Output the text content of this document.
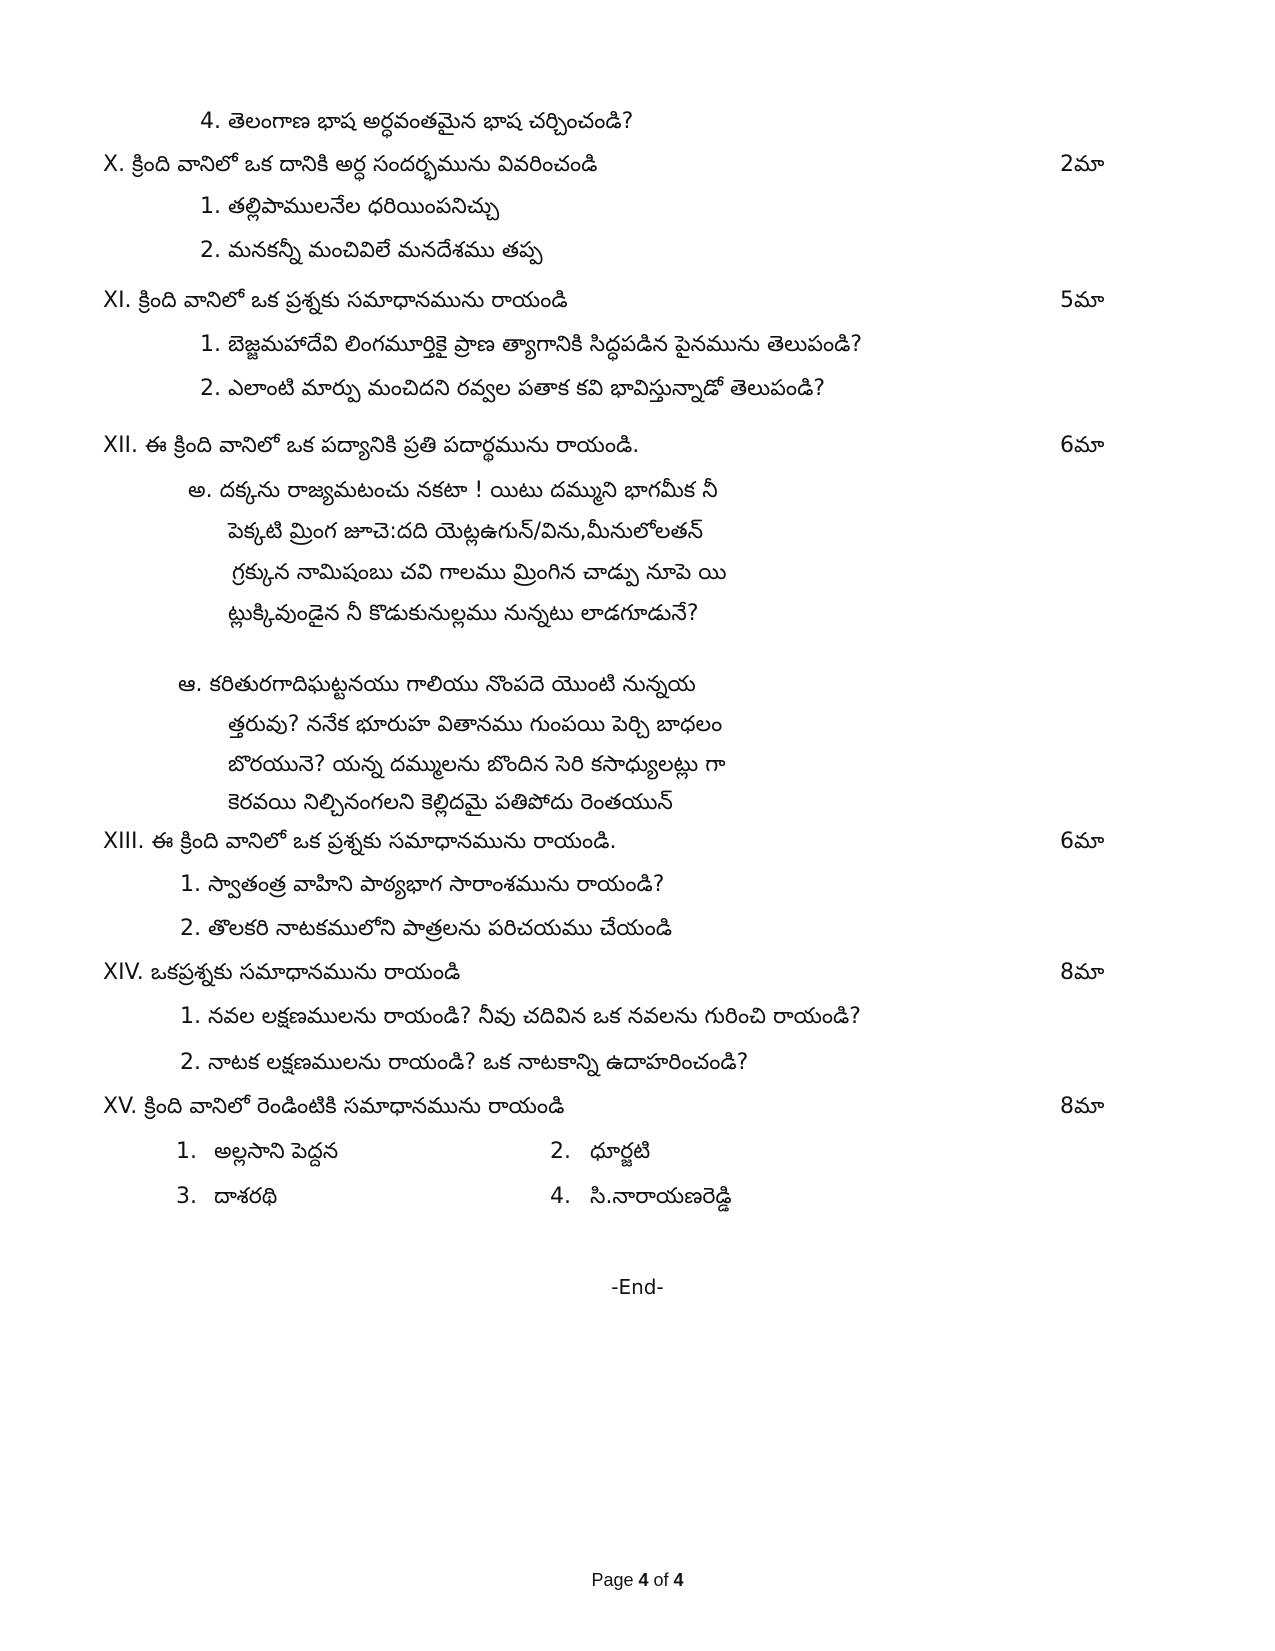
4. తెలంగాణ భాష అర్ధవంతమైన భాష చర్చించండి?
X. క్రింది వానిలో ఒక దానికి అర్ధ సందర్భమును వివరించండి	2మా
1. తల్లిపాములనేల ధరియింపనిచ్చు
2. మనకన్నీ మంచివిలే మనదేశము తప్ప
XI. క్రింది వానిలో ఒక ప్రశ్నకు సమాధానమును రాయండి	5మా
1. బెజ్జమహాదేవి లింగమూర్తికై ప్రాణ త్యాగానికి సిద్ధపడిన పైనమును తెలుపండి?
2. ఎలాంటి మార్పు మంచిదని రవ్వల పతాక కవి భావిస్తున్నాడో తెలుపండి?
XII. ఈ క్రింది వానిలో ఒక పద్యానికి ప్రతి పదార్థమును రాయండి.	6మా
అ. దక్కను రాజ్యమటంచు నకటా ! యిటు దమ్ముని భాగమీక నీ
పెక్కటి మ్రింగ జూచె:దది యెట్లఉగున్/విను,మీనులోలతన్
గ్రక్కున నామిషంబు చవి గాలము మ్రింగిన చాడ్పు నూపె యి
ట్లుక్కివుండైన నీ కొడుకునుల్లము నున్నటు లాడగూడునే?
ఆ. కరితురగాదిఘట్టనయు గాలియు నొంపదె యొంటి నున్నయ
త్తరువు? ననేక భూరుహ వితానము గుంపయి పెర్చి బాధలం
బొరయునె? యన్న దమ్ములను బొందిన సెరి కసాధ్యులట్లు గా
కెరవయి నిల్చినంగలని కెల్లిదమై పతిపోదు రెంతయున్
XIII. ఈ క్రింది వానిలో ఒక ప్రశ్నకు సమాధానమును రాయండి.	6మా
1. స్వాతంత్ర వాహిని పాఠ్యభాగ సారాంశమును రాయండి?
2. తొలకరి నాటకములోని పాత్రలను పరిచయము చేయండి
XIV. ఒకప్రశ్నకు సమాధానమును రాయండి	8మా
1. నవల లక్షణములను రాయండి? నీవు చదివిన ఒక నవలను గురించి రాయండి?
2. నాటక లక్షణములను రాయండి? ఒక నాటకాన్ని ఉదాహరించండి?
XV. క్రింది వానిలో రెండింటికి సమాధానమును రాయండి	8మా
1. అల్లసాని పెద్దన	2. ధూర్జటి
3. దాశరథి	4. సి.నారాయణరెడ్డి
-End-
Page 4 of 4
